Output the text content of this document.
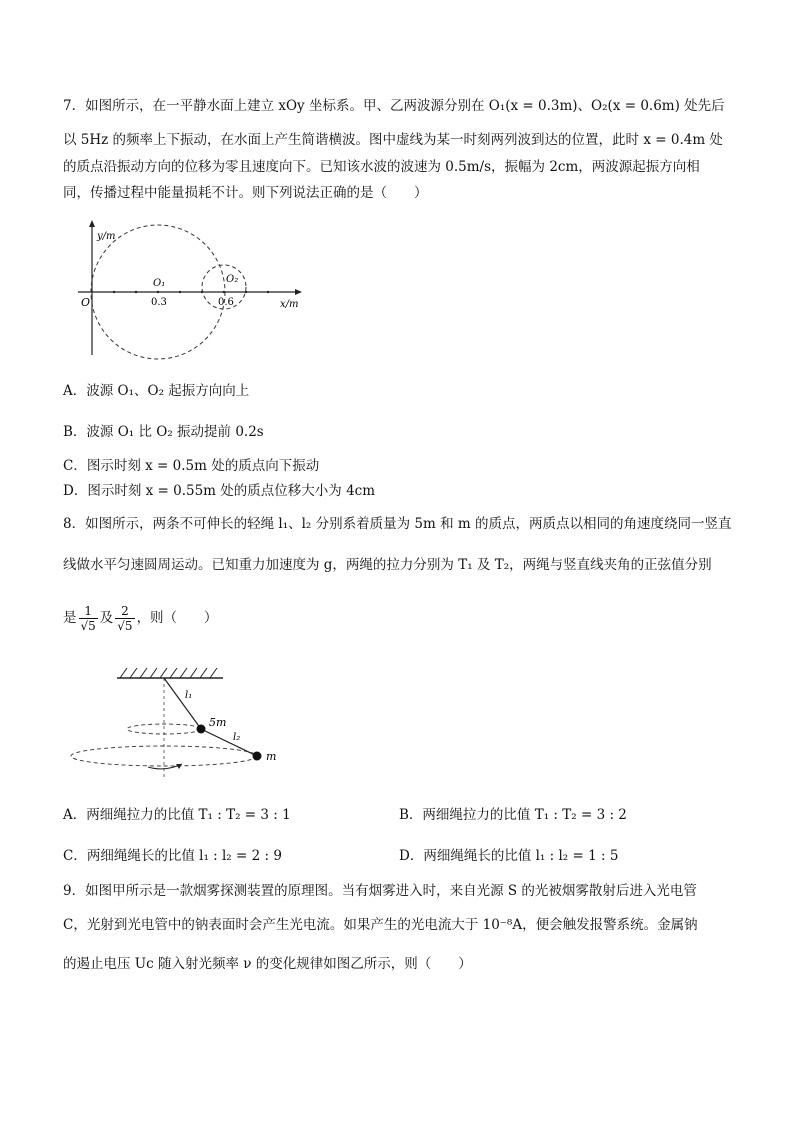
7．如图所示，在一平静水面上建立 xOy 坐标系。甲、乙两波源分别在 O₁(x = 0.3m)、O₂(x = 0.6m) 处先后
以 5Hz 的频率上下振动，在水面上产生简谐横波。图中虚线为某一时刻两列波到达的位置，此时 x = 0.4m 处
的质点沿振动方向的位移为零且速度向下。已知该水波的波速为 0.5m/s，振幅为 2cm，两波源起振方向相
同，传播过程中能量损耗不计。则下列说法正确的是（　　）
y/m
x/m
O
O₁	O₂
0.3	0.6
A．波源 O₁、O₂ 起振方向向上
B．波源 O₁ 比 O₂ 振动提前 0.2s
C．图示时刻 x = 0.5m 处的质点向下振动
D．图示时刻 x = 0.55m 处的质点位移大小为 4cm
8．如图所示，两条不可伸长的轻绳 l₁、l₂ 分别系着质量为 5m 和 m 的质点，两质点以相同的角速度绕同一竖直
线做水平匀速圆周运动。已知重力加速度为 g，两绳的拉力分别为 T₁ 及 T₂，两绳与竖直线夹角的正弦值分别
是 $\frac{1}{√5}$ 及 $\frac{2}{√5}$ ，则（　　）
l₁
l₂
5m
m
A．两细绳拉力的比值 T₁ : T₂ = 3 : 1	B．两细绳拉力的比值 T₁ : T₂ = 3 : 2
C．两细绳绳长的比值 l₁ : l₂ = 2 : 9	D．两细绳绳长的比值 l₁ : l₂ = 1 : 5
9．如图甲所示是一款烟雾探测装置的原理图。当有烟雾进入时，来自光源 S 的光被烟雾散射后进入光电管
C，光射到光电管中的钠表面时会产生光电流。如果产生的光电流大于 10⁻⁸A，便会触发报警系统。金属钠
的遏止电压 Uc 随入射光频率 ν 的变化规律如图乙所示，则（　　）
